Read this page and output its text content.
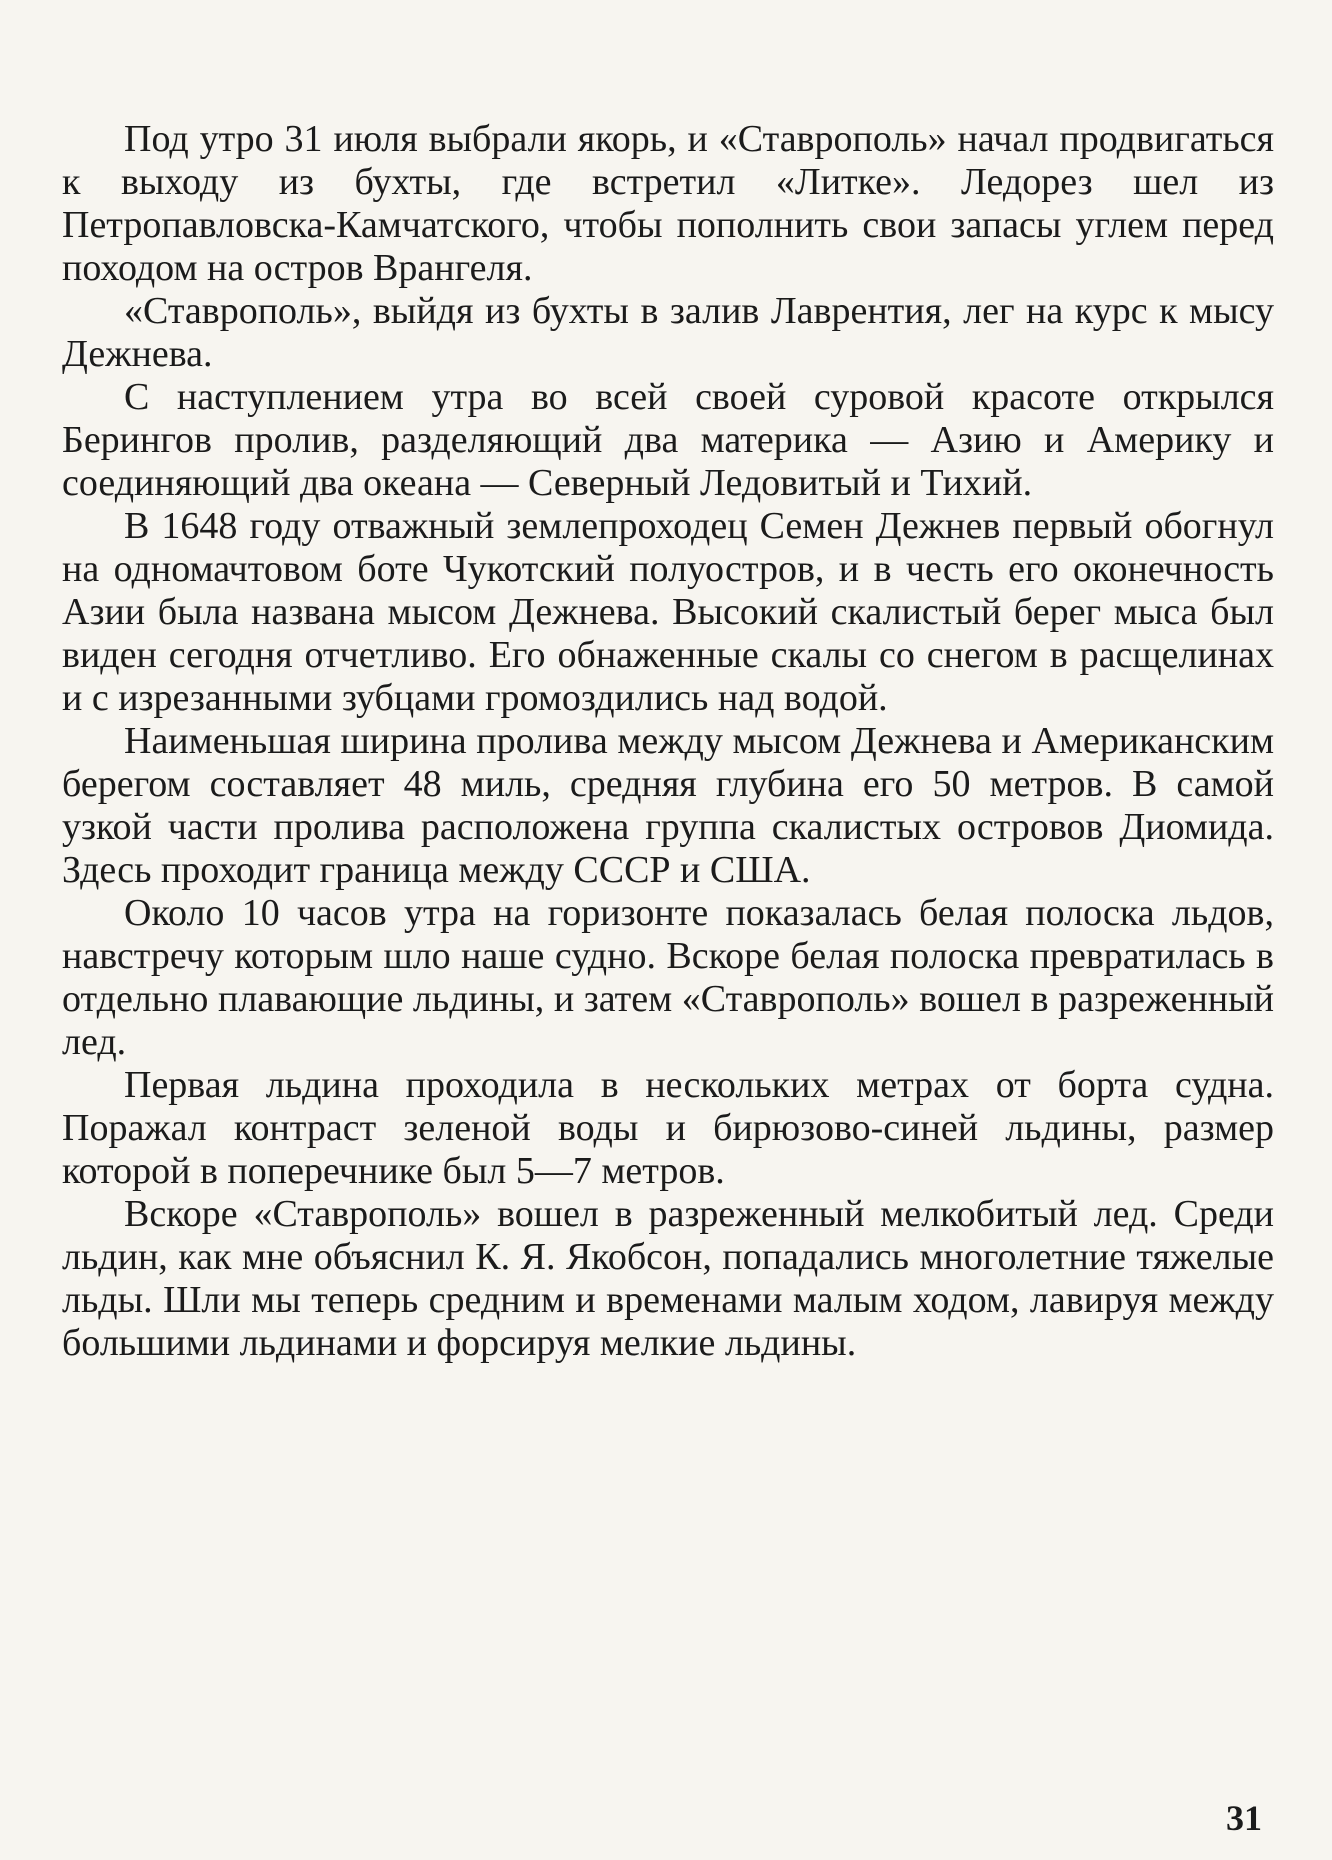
Под утро 31 июля выбрали якорь, и «Ставрополь» начал продвигаться к выходу из бухты, где встретил «Литке». Ледорез шел из Петропавловска-Камчатского, чтобы пополнить свои запасы углем перед походом на остров Врангеля.

«Ставрополь», выйдя из бухты в залив Лаврентия, лег на курс к мысу Дежнева.

С наступлением утра во всей своей суровой красоте открылся Берингов пролив, разделяющий два материка — Азию и Америку и соединяющий два океана — Северный Ледовитый и Тихий.

В 1648 году отважный землепроходец Семен Дежнев первый обогнул на одномачтовом боте Чукотский полуостров, и в честь его оконечность Азии была названа мысом Дежнева. Высокий скалистый берег мыса был виден сегодня отчетливо. Его обнаженные скалы со снегом в расщелинах и с изрезанными зубцами громоздились над водой.

Наименьшая ширина пролива между мысом Дежнева и Американским берегом составляет 48 миль, средняя глубина его 50 метров. В самой узкой части пролива расположена группа скалистых островов Диомида. Здесь проходит граница между СССР и США.

Около 10 часов утра на горизонте показалась белая полоска льдов, навстречу которым шло наше судно. Вскоре белая полоска превратилась в отдельно плавающие льдины, и затем «Ставрополь» вошел в разреженный лед.

Первая льдина проходила в нескольких метрах от борта судна. Поражал контраст зеленой воды и бирюзово-синей льдины, размер которой в поперечнике был 5—7 метров.

Вскоре «Ставрополь» вошел в разреженный мелкобитый лед. Среди льдин, как мне объяснил К. Я. Якобсон, попадались многолетние тяжелые льды. Шли мы теперь средним и временами малым ходом, лавируя между большими льдинами и форсируя мелкие льдины.

31
